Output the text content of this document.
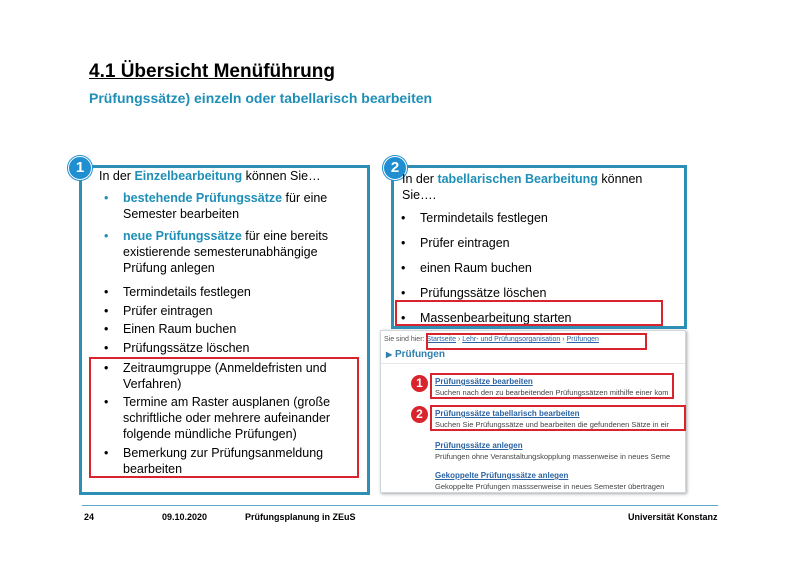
4.1 Übersicht Menüführung
Prüfungssätze) einzeln oder tabellarisch bearbeiten
1	In der Einzelbearbeitung können Sie…
• bestehende Prüfungssätze für eine Semester bearbeiten
• neue Prüfungssätze für eine bereits existierende semesterunabhängige Prüfung anlegen
• Termindetails festlegen
• Prüfer eintragen
• Einen Raum buchen
• Prüfungssätze löschen
• Zeitraumgruppe (Anmeldefristen und Verfahren)
• Termine am Raster ausplanen (große schriftliche oder mehrere aufeinander folgende mündliche Prüfungen)
• Bemerkung zur Prüfungsanmeldung bearbeiten
2
In der tabellarischen Bearbeitung können Sie….
• Termindetails festlegen
• Prüfer eintragen
• einen Raum buchen
• Prüfungssätze löschen
• Massenbearbeitung starten
Sie sind hier: Startseite › Lehr- und Prüfungsorganisation › Prüfungen
▶ Prüfungen
Prüfungssätze bearbeiten
Suchen nach den zu bearbeitenden Prüfungssätzen mithilfe einer kom
Prüfungssätze tabellarisch bearbeiten
Suchen Sie Prüfungssätze und bearbeiten die gefundenen Sätze in eir
Prüfungssätze anlegen
Prüfungen ohne Veranstaltungskopplung massenweise in neues Seme
Gekoppelte Prüfungssätze anlegen
Gekoppelte Prüfungen masssenweise in neues Semester übertragen
1
2
24	09.10.2020	Prüfungsplanung in ZEuS	Universität Konstanz
